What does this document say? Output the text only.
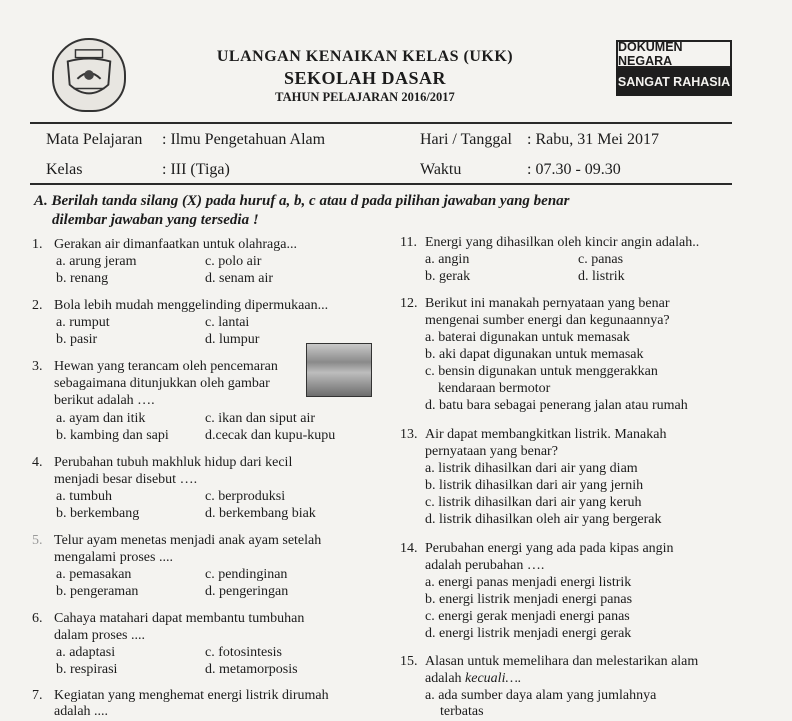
ULANGAN KENAIKAN KELAS (UKK)
SEKOLAH DASAR
TAHUN PELAJARAN 2016/2017
DOKUMEN NEGARA
SANGAT RAHASIA
Mata Pelajaran : Ilmu Pengetahuan Alam	Hari / Tanggal : Rabu, 31 Mei 2017
Kelas	: III (Tiga)	Waktu	: 07.30 - 09.30
A. Berilah tanda silang (X) pada huruf a, b, c atau d pada pilihan jawaban yang benar
dilembar jawaban yang tersedia !
1. Gerakan air dimanfaatkan untuk olahraga...
a. arung jeram
b. renang
c. polo air
d. senam air
2. Bola lebih mudah menggelinding dipermukaan...
a. rumput
b. pasir
c. lantai
d. lumpur
3. Hewan yang terancam oleh pencemaran
sebagaimana ditunjukkan oleh gambar
berikut adalah ….
a. ayam dan itik
b. kambing dan sapi
c. ikan dan siput air
d.cecak dan kupu-kupu
4. Perubahan tubuh makhluk hidup dari kecil
menjadi besar disebut ….
a. tumbuh
b. berkembang
c. berproduksi
d. berkembang biak
5. Telur ayam menetas menjadi anak ayam setelah
mengalami proses ....
a. pemasakan
b. pengeraman
c. pendinginan
d. pengeringan
6. Cahaya matahari dapat membantu tumbuhan
dalam proses ....
a. adaptasi
b. respirasi
c. fotosintesis
d. metamorposis
7. Kegiatan yang menghemat energi listrik dirumah
adalah ....
11. Energi yang dihasilkan oleh kincir angin adalah..
a. angin
b. gerak
c. panas
d. listrik
12. Berikut ini manakah pernyataan yang benar
mengenai sumber energi dan kegunaannya?
a. baterai digunakan untuk memasak
b. aki dapat digunakan untuk memasak
c. bensin digunakan untuk menggerakkan
kendaraan bermotor
d. batu bara sebagai penerang jalan atau rumah
13. Air dapat membangkitkan listrik. Manakah
pernyataan yang benar?
a. listrik dihasilkan dari air yang diam
b. listrik dihasilkan dari air yang jernih
c. listrik dihasilkan dari air yang keruh
d. listrik dihasilkan oleh air yang bergerak
14. Perubahan energi yang ada pada kipas angin
adalah perubahan ….
a. energi panas menjadi energi listrik
b. energi listrik menjadi energi panas
c. energi gerak menjadi energi panas
d. energi listrik menjadi energi gerak
15. Alasan untuk memelihara dan melestarikan alam
adalah kecuali….
a. ada sumber daya alam yang jumlahnya
terbatas
